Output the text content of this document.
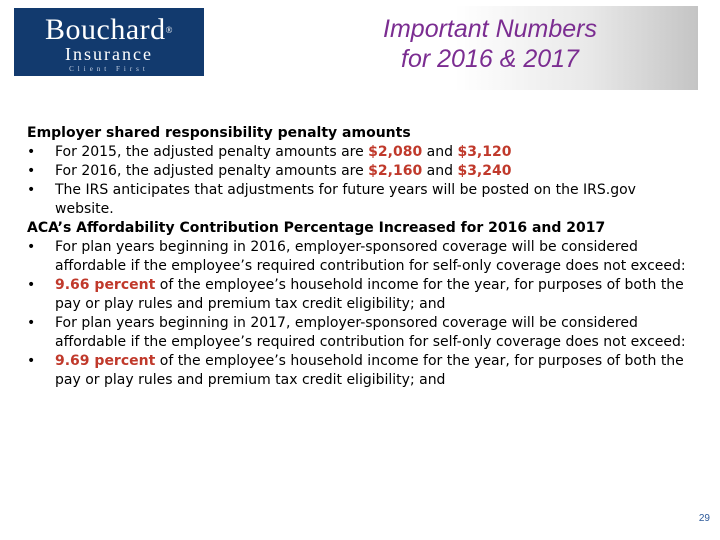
Bouchard®
Insurance
Client First
Important Numbers
for 2016 & 2017

Employer shared responsibility penalty amounts

• For 2015, the adjusted penalty amounts are $2,080 and $3,120

• For 2016, the adjusted penalty amounts are $2,160 and $3,240

• The IRS anticipates that adjustments for future years will be posted on the IRS.gov website.

ACA’s Affordability Contribution Percentage Increased for 2016 and 2017

• For plan years beginning in 2016, employer-sponsored coverage will be considered affordable if the employee’s required contribution for self-only coverage does not exceed:

• 9.66 percent of the employee’s household income for the year, for purposes of both the pay or play rules and premium tax credit eligibility; and

• For plan years beginning in 2017, employer-sponsored coverage will be considered affordable if the employee’s required contribution for self-only coverage does not exceed:

• 9.69 percent of the employee’s household income for the year, for purposes of both the pay or play rules and premium tax credit eligibility; and

29
